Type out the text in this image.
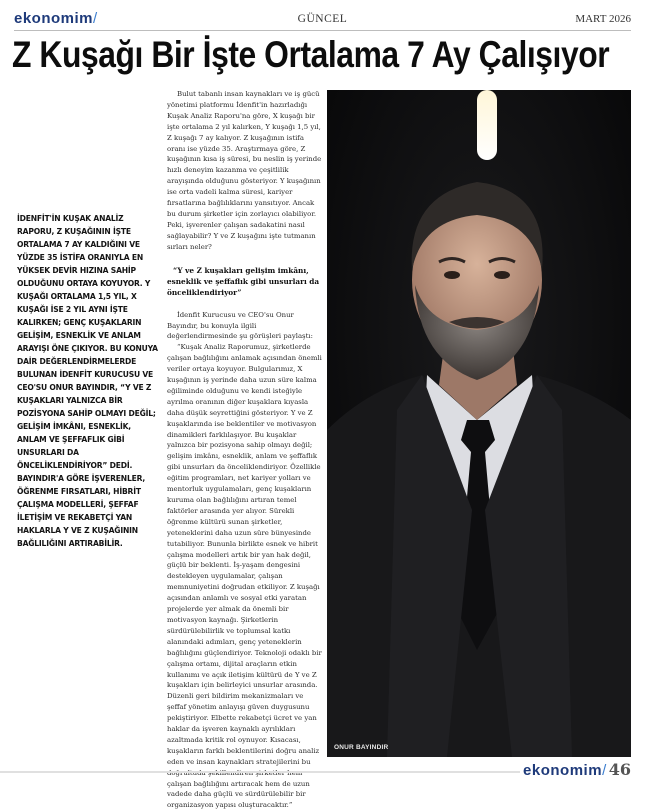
ekonomim/	GÜNCEL	MART 2026
Z Kuşağı Bir İşte Ortalama 7 Ay Çalışıyor
İDENFİT'İN KUŞAK ANALİZ RAPORU, Z KUŞAĞININ İŞTE ORTALAMA 7 AY KALDIĞINI VE YÜZDE 35 İSTİFA ORANIYLA EN YÜKSEK DEVİR HIZINA SAHİP OLDUĞUNU ORTAYA KOYUYOR. Y KUŞAĞI ORTALAMA 1,5 YIL, X KUŞAĞI İSE 2 YIL AYNI İŞTE KALIRKEN; GENÇ KUŞAKLARIN GELİŞİM, ESNEKLİK VE ANLAM ARAYIŞI ÖNE ÇIKIYOR. BU KONUYA DAİR DEĞERLENDİRMELERDE BULUNAN İDENFİT KURUCUSU VE CEO'SU ONUR BAYINDIR, “Y VE Z KUŞAKLARI YALNIZCA BİR POZİSYONA SAHİP OLMAYI DEĞİL; GELİŞİM İMKÂNI, ESNEKLİK, ANLAM VE ŞEFFAFLIK GİBİ UNSURLARI DA ÖNCELİKLENDİRİYOR” DEDİ. BAYINDIR'A GÖRE İŞVERENLER, ÖĞRENME FIRSATLARI, HİBRİT ÇALIŞMA MODELLERİ, ŞEFFAF İLETİŞİM VE REKABETÇİ YAN HAKLARLA Y VE Z KUŞAĞININ BAĞLILIĞINI ARTIRABİLİR.

Bulut tabanlı insan kaynakları ve iş gücü yönetimi platformu İdenfit'in hazırladığı Kuşak Analiz Raporu'na göre, X kuşağı bir işte ortalama 2 yıl kalırken, Y kuşağı 1,5 yıl, Z kuşağı 7 ay kalıyor. Z kuşağının istifa oranı ise yüzde 35. Araştırmaya göre, Z kuşağının kısa iş süresi, bu neslin iş yerinde hızlı deneyim kazanma ve çeşitlilik arayışında olduğunu gösteriyor. Y kuşağının ise orta vadeli kalma süresi, kariyer fırsatlarına bağlılıklarını yansıtıyor. Ancak bu durum şirketler için zorlayıcı olabiliyor. Peki, işverenler çalışan sadakatini nasıl sağlayabilir? Y ve Z kuşağını işte tutmanın sırları neler?

“Y ve Z kuşakları gelişim imkânı, esneklik ve şeffaflık gibi unsurları da önceliklendiriyor”

İdenfit Kurucusu ve CEO'su Onur Bayındır, bu konuyla ilgili değerlendirmesinde şu görüşleri paylaştı:

“Kuşak Analiz Raporumuz, şirketlerde çalışan bağlılığını anlamak açısından önemli veriler ortaya koyuyor. Bulgularımız, X kuşağının iş yerinde daha uzun süre kalma eğiliminde olduğunu ve kendi isteğiyle ayrılma oranının diğer kuşaklara kıyasla daha düşük seyrettiğini gösteriyor. Y ve Z kuşaklarında ise beklentiler ve motivasyon dinamikleri farklılaşıyor. Bu kuşaklar yalnızca bir pozisyona sahip olmayı değil; gelişim imkânı, esneklik, anlam ve şeffaflık gibi unsurları da önceliklendiriyor. Özellikle eğitim programları, net kariyer yolları ve mentorluk uygulamaları, genç kuşakların kuruma olan bağlılığını artıran temel faktörler arasında yer alıyor. Sürekli öğrenme kültürü sunan şirketler, yeteneklerini daha uzun süre bünyesinde tutabiliyor. Bununla birlikte esnek ve hibrit çalışma modelleri artık bir yan hak değil, güçlü bir beklenti. İş-yaşam dengesini destekleyen uygulamalar, çalışan memnuniyetini doğrudan etkiliyor. Z kuşağı açısından anlamlı ve sosyal etki yaratan projelerde yer almak da önemli bir motivasyon kaynağı. Şirketlerin sürdürülebilirlik ve toplumsal katkı alanındaki adımları, genç yeteneklerin bağlılığını güçlendiriyor. Teknoloji odaklı bir çalışma ortamı, dijital araçların etkin kullanımı ve açık iletişim kültürü de Y ve Z kuşakları için belirleyici unsurlar arasında. Düzenli geri bildirim mekanizmaları ve şeffaf yönetim anlayışı güven duygusunu pekiştiriyor. Elbette rekabetçi ücret ve yan haklar da işveren kaynaklı ayrılıkları azaltmada kritik rol oynuyor. Kısacası, kuşakların farklı beklentilerini doğru analiz eden ve insan kaynakları stratejilerini bu doğrultuda şekillendiren şirketler hem çalışan bağlılığını artıracak hem de uzun vadede daha güçlü ve sürdürülebilir bir organizasyon yapısı oluşturacaktır.”

ONUR BAYINDIR
ekonomim/ 46
